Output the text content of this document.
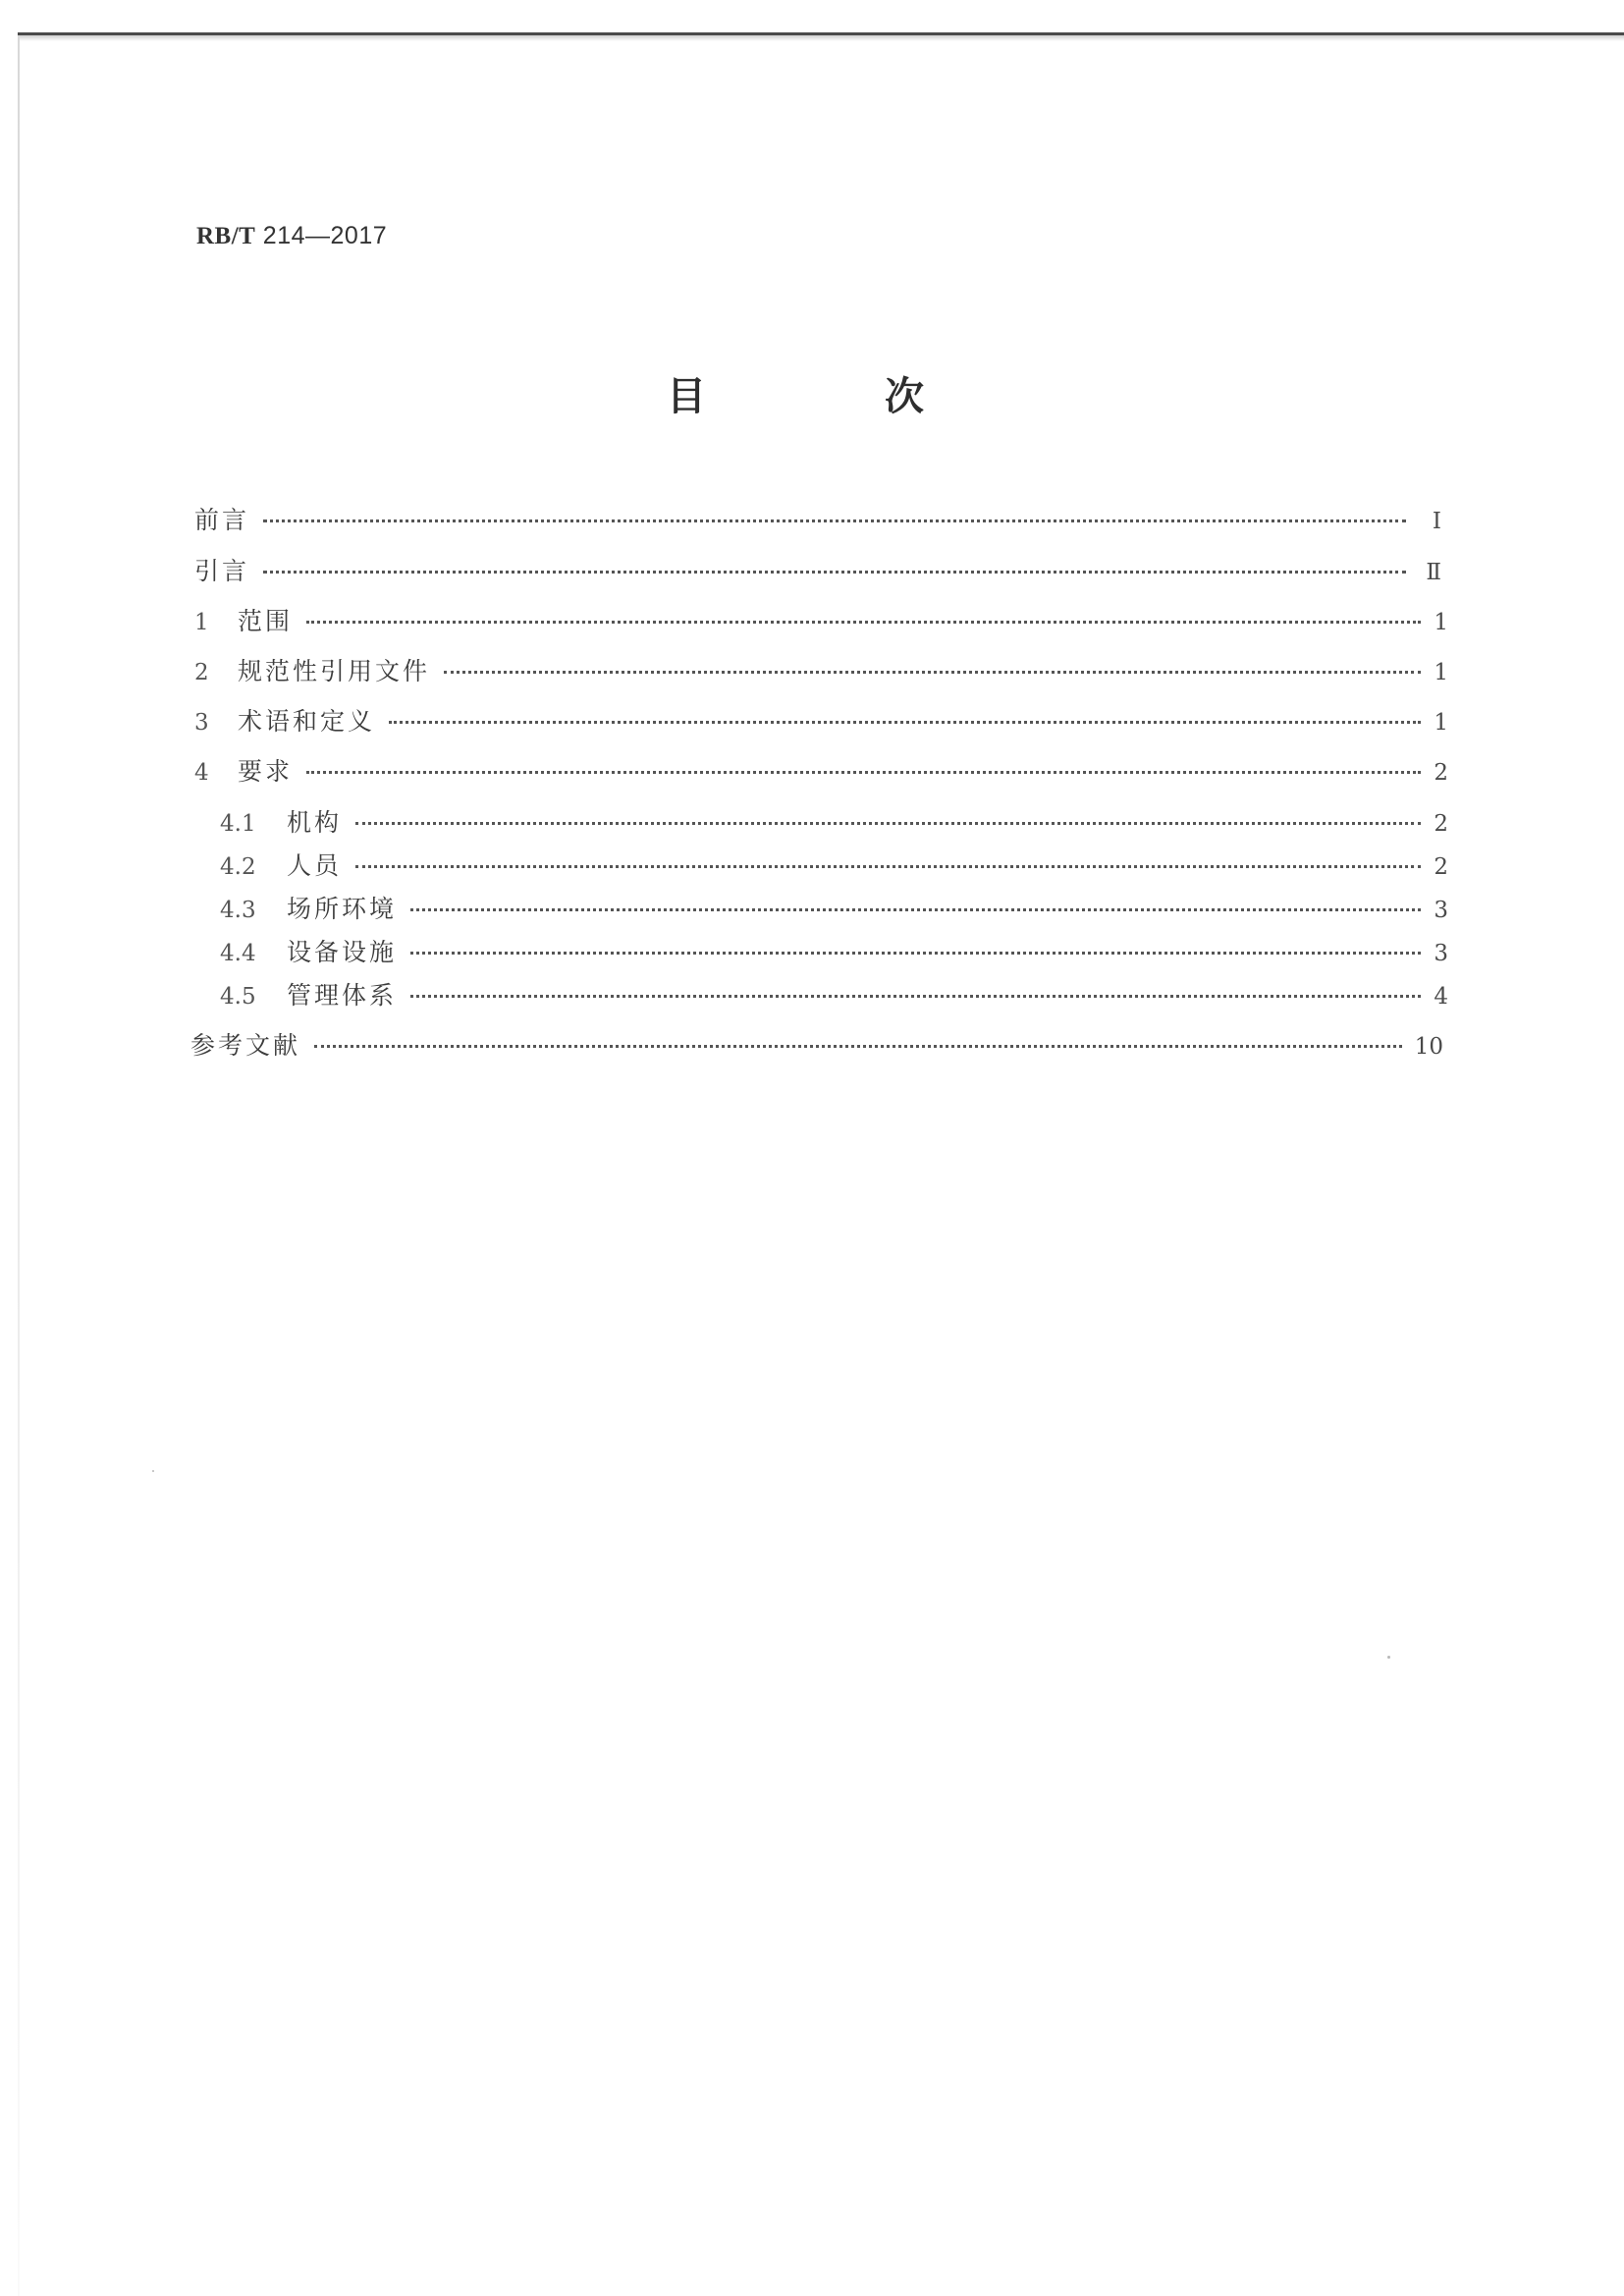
RB/T 214—2017
目 次
前言	Ⅰ
引言	Ⅱ
1	范围	1
2	规范性引用文件	1
3	术语和定义	1
4	要求	2
4.1	机构	2
4.2	人员	2
4.3	场所环境	3
4.4	设备设施	3
4.5	管理体系	4
参考文献	10
